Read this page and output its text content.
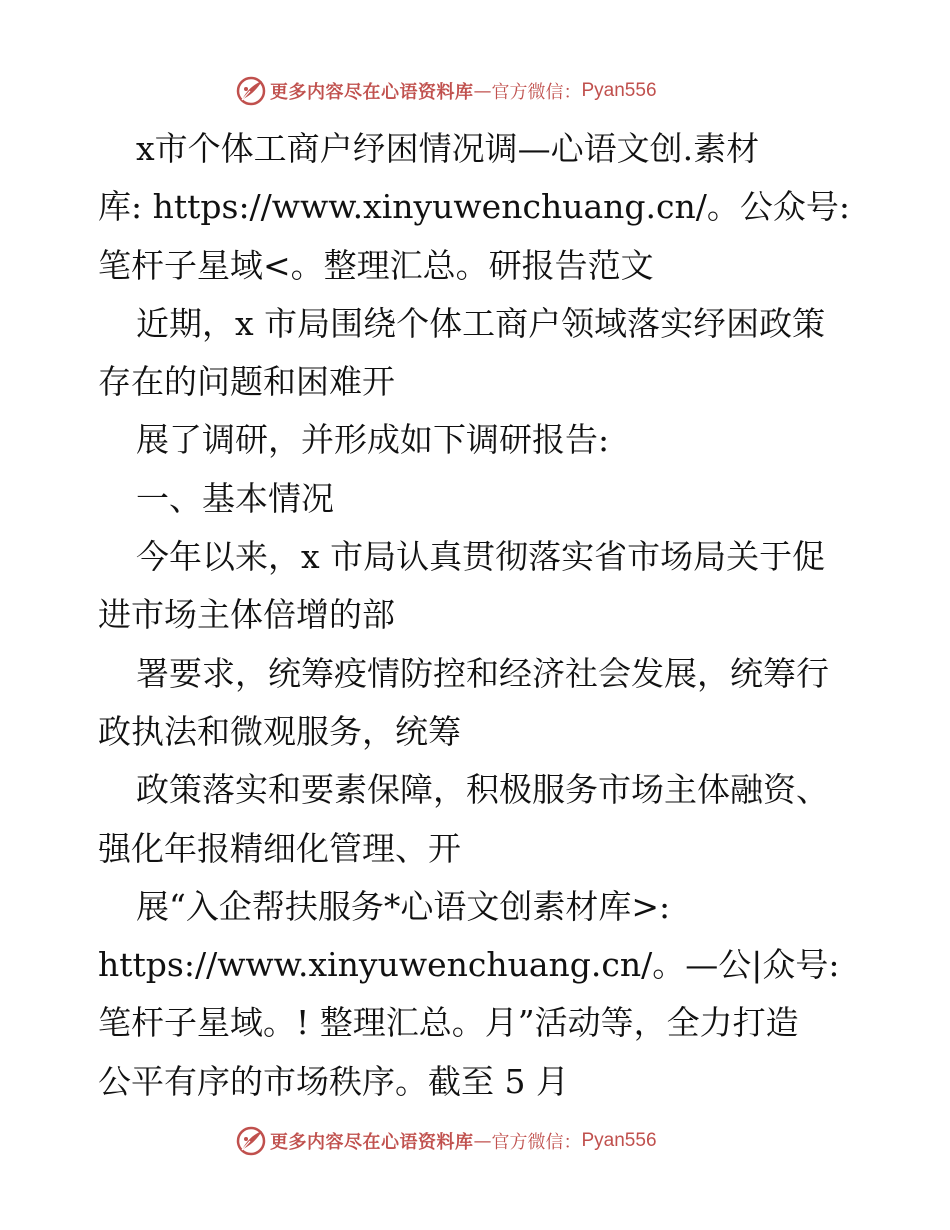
更多内容尽在心语资料库 — 官方微信： Pyan556
x市个体工商户纾困情况调—心语文创.素材
库: https://www.xinyuwenchuang.cn/。公众号:
笔杆子星域<。整理汇总。研报告范文
近期，x 市局围绕个体工商户领域落实纾困政策
存在的问题和困难开
展了调研，并形成如下调研报告:
一、基本情况
今年以来，x 市局认真贯彻落实省市场局关于促
进市场主体倍增的部
署要求，统筹疫情防控和经济社会发展，统筹行
政执法和微观服务，统筹
政策落实和要素保障，积极服务市场主体融资、
强化年报精细化管理、开
展“入企帮扶服务*心语文创素材库>:
https://www.xinyuwenchuang.cn/。—公|众号:
笔杆子星域。! 整理汇总。月”活动等，全力打造
公平有序的市场秩序。截至 5 月
更多内容尽在心语资料库 — 官方微信： Pyan556
